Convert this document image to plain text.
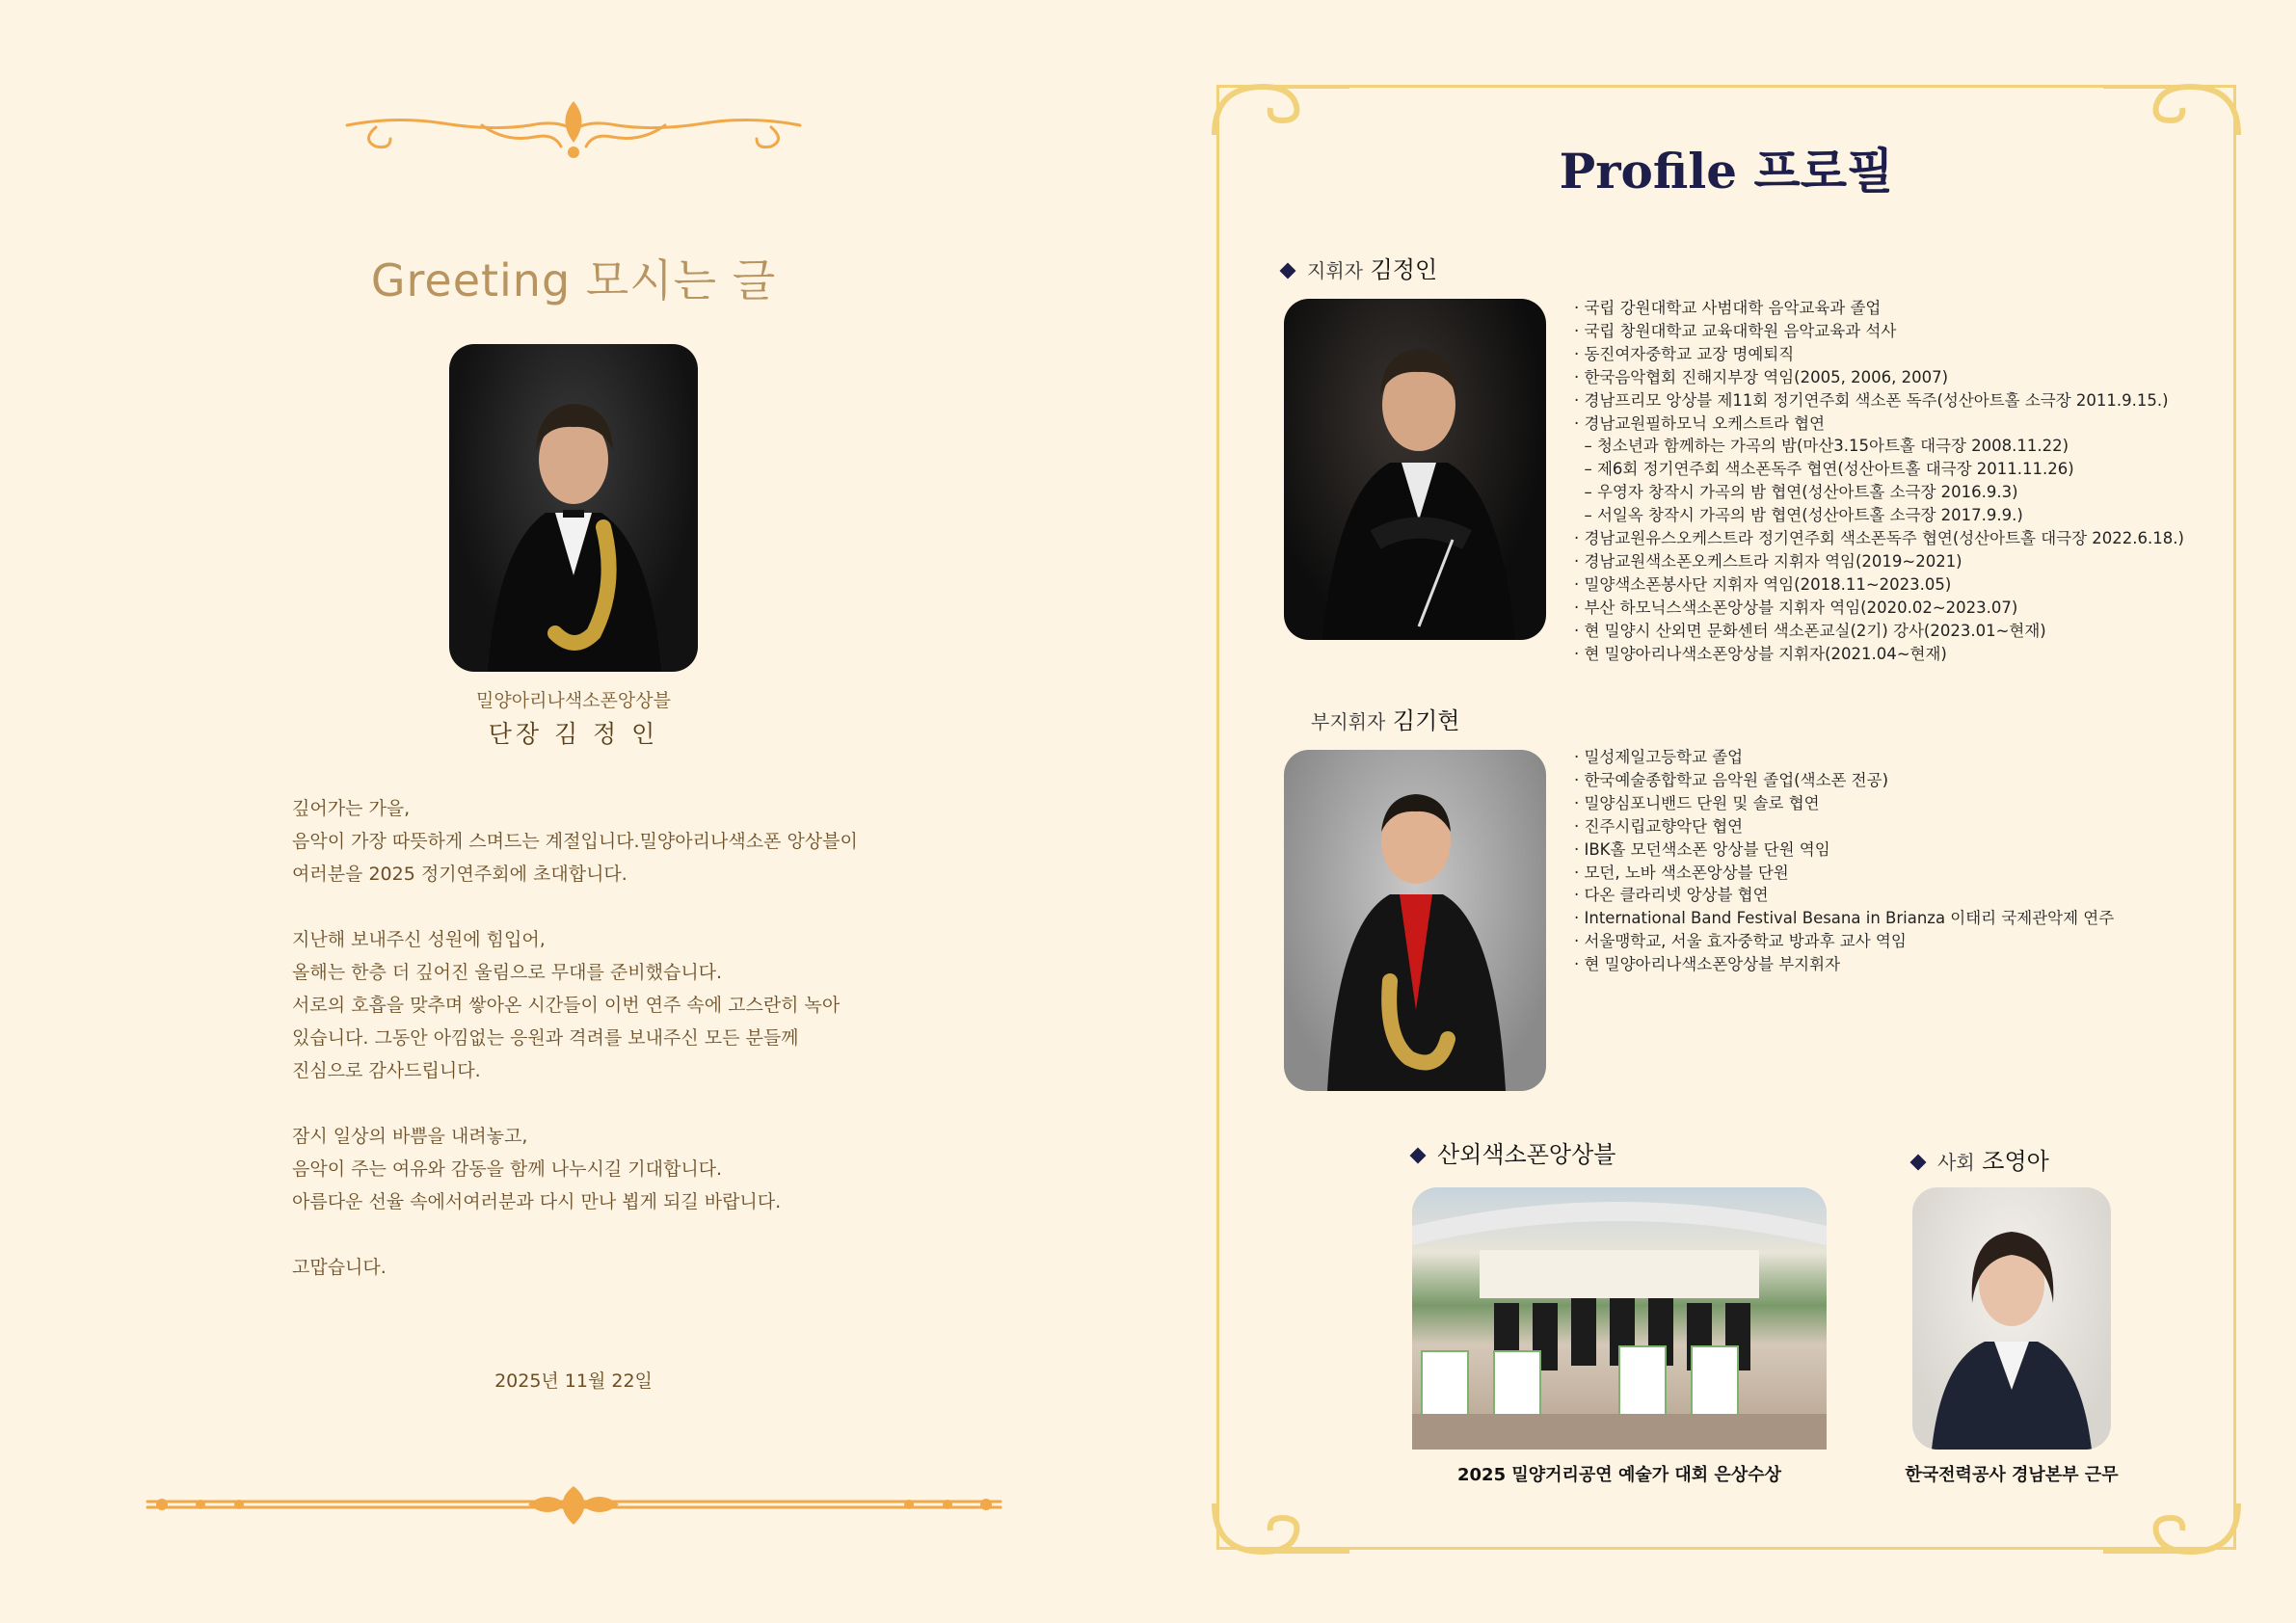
Greeting 모시는 글
밀양아리나색소폰앙상블
단장 김 정 인

깊어가는 가을,
음악이 가장 따뜻하게 스며드는 계절입니다.밀양아리나색소폰 앙상블이
여러분을 2025 정기연주회에 초대합니다.

지난해 보내주신 성원에 힘입어,
올해는 한층 더 깊어진 울림으로 무대를 준비했습니다.
서로의 호흡을 맞추며 쌓아온 시간들이 이번 연주 속에 고스란히 녹아
있습니다. 그동안 아낌없는 응원과 격려를 보내주신 모든 분들께
진심으로 감사드립니다.

잠시 일상의 바쁨을 내려놓고,
음악이 주는 여유와 감동을 함께 나누시길 기대합니다.
아름다운 선율 속에서여러분과 다시 만나 뵙게 되길 바랍니다.

고맙습니다.

2025년 11월 22일
Profile 프로필
지휘자 김정인
· 국립 강원대학교 사범대학 음악교육과 졸업
· 국립 창원대학교 교육대학원 음악교육과 석사
· 동진여자중학교 교장 명예퇴직
· 한국음악협회 진해지부장 역임(2005, 2006, 2007)
· 경남프리모 앙상블 제11회 정기연주회 색소폰 독주(성산아트홀 소극장 2011.9.15.)
· 경남교원필하모닉 오케스트라 협연
– 청소년과 함께하는 가곡의 밤(마산3.15아트홀 대극장 2008.11.22)
– 제6회 정기연주회 색소폰독주 협연(성산아트홀 대극장 2011.11.26)
– 우영자 창작시 가곡의 밤 협연(성산아트홀 소극장 2016.9.3)
– 서일옥 창작시 가곡의 밤 협연(성산아트홀 소극장 2017.9.9.)
· 경남교원유스오케스트라 정기연주회 색소폰독주 협연(성산아트홀 대극장 2022.6.18.)
· 경남교원색소폰오케스트라 지휘자 역임(2019~2021)
· 밀양색소폰봉사단 지휘자 역임(2018.11~2023.05)
· 부산 하모닉스색소폰앙상블 지휘자 역임(2020.02~2023.07)
· 현 밀양시 산외면 문화센터 색소폰교실(2기) 강사(2023.01~현재)
· 현 밀양아리나색소폰앙상블 지휘자(2021.04~현재)
부지휘자 김기현
· 밀성제일고등학교 졸업
· 한국예술종합학교 음악원 졸업(색소폰 전공)
· 밀양심포니밴드 단원 및 솔로 협연
· 진주시립교향악단 협연
· IBK홀 모던색소폰 앙상블 단원 역임
· 모던, 노바 색소폰앙상블 단원
· 다온 클라리넷 앙상블 협연
· International Band Festival Besana in Brianza 이태리 국제관악제 연주
· 서울맹학교, 서울 효자중학교 방과후 교사 역임
· 현 밀양아리나색소폰앙상블 부지휘자
산외색소폰앙상블
2025 밀양거리공연 예술가 대회 은상수상
사회 조영아
한국전력공사 경남본부 근무
